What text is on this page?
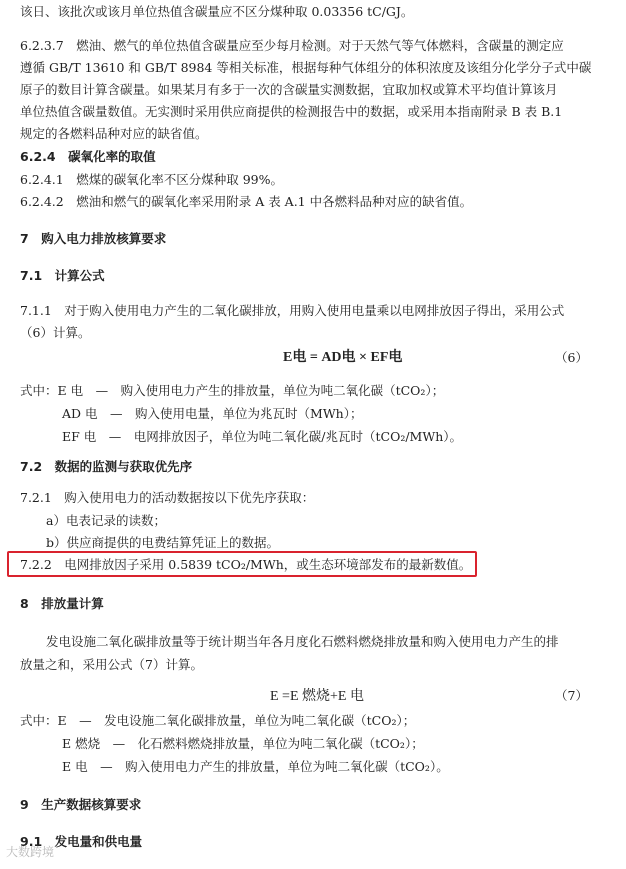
该日、该批次或该月单位热值含碳量应不区分煤种取 0.03356 tC/GJ。
6.2.3.7　燃油、燃气的单位热值含碳量应至少每月检测。对于天然气等气体燃料，含碳量的测定应
遵循 GB/T 13610 和 GB/T 8984 等相关标准，根据每种气体组分的体积浓度及该组分化学分子式中碳
原子的数目计算含碳量。如果某月有多于一次的含碳量实测数据，宜取加权或算术平均值计算该月
单位热值含碳量数值。无实测时采用供应商提供的检测报告中的数据，或采用本指南附录 B 表 B.1
规定的各燃料品种对应的缺省值。
6.2.4　碳氧化率的取值
6.2.4.1　燃煤的碳氧化率不区分煤种取 99%。
6.2.4.2　燃油和燃气的碳氧化率采用附录 A 表 A.1 中各燃料品种对应的缺省值。
7　购入电力排放核算要求
7.1　计算公式
7.1.1　对于购入使用电力产生的二氧化碳排放，用购入使用电量乘以电网排放因子得出，采用公式
（6）计算。
E电 = AD电 × EF电	（6）
式中：E 电　—　购入使用电力产生的排放量，单位为吨二氧化碳（tCO₂）；
AD 电　—　购入使用电量，单位为兆瓦时（MWh）；
EF 电　—　电网排放因子，单位为吨二氧化碳/兆瓦时（tCO₂/MWh）。
7.2　数据的监测与获取优先序
7.2.1　购入使用电力的活动数据按以下优先序获取：
a）电表记录的读数；
b）供应商提供的电费结算凭证上的数据。
7.2.2　电网排放因子采用 0.5839 tCO₂/MWh，或生态环境部发布的最新数值。
8　排放量计算
发电设施二氧化碳排放量等于统计期当年各月度化石燃料燃烧排放量和购入使用电力产生的排
放量之和，采用公式（7）计算。
E =E 燃烧+E 电	（7）
式中：E　—　发电设施二氧化碳排放量，单位为吨二氧化碳（tCO₂）；
E 燃烧　—　化石燃料燃烧排放量，单位为吨二氧化碳（tCO₂）；
E 电　—　购入使用电力产生的排放量，单位为吨二氧化碳（tCO₂）。
9　生产数据核算要求
9.1　发电量和供电量
大数跨境
